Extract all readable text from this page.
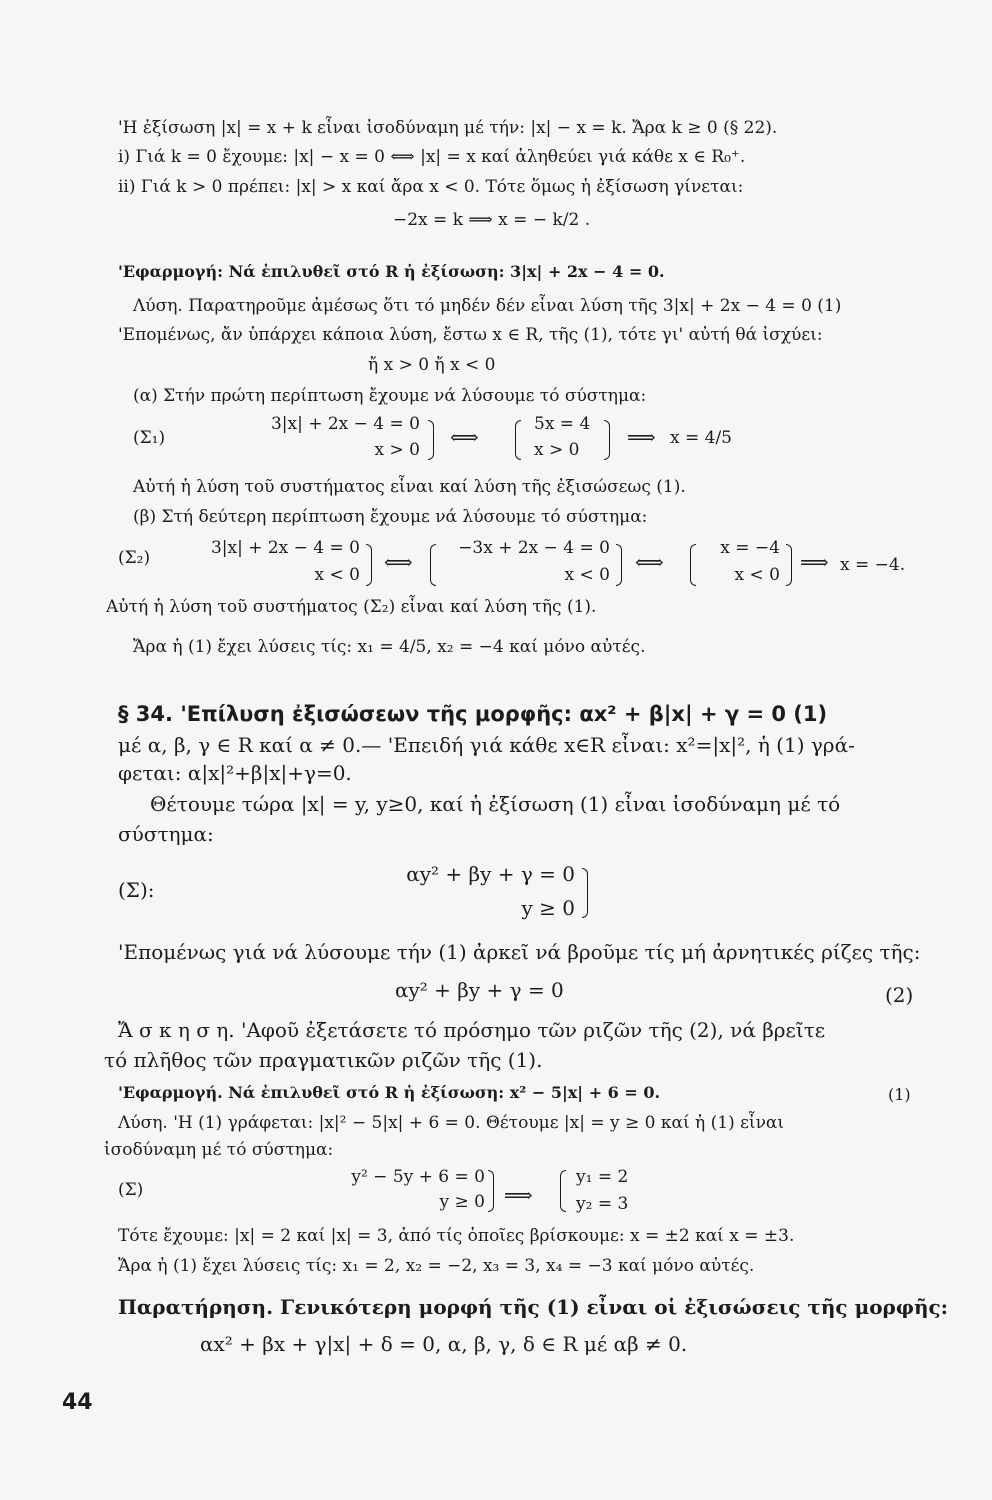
'Η ἐξίσωση |x| = x + k εἶναι ἰσοδύναμη μέ τήν: |x| − x = k. Ἄρα k ≥ 0 (§ 22).
i) Γιά k = 0 ἔχουμε: |x| − x = 0 ⟺ |x| = x καί ἀληθεύει γιά κάθε x ∈ R₀⁺.
ii) Γιά k > 0 πρέπει: |x| > x καί ἄρα x < 0. Τότε ὅμως ἡ ἐξίσωση γίνεται:
−2x = k ⟹ x = − k/2 .
'Εφαρμογή: Νά ἐπιλυθεῖ στό R ἡ ἐξίσωση: 3|x| + 2x − 4 = 0.
Λύση. Παρατηροῦμε ἀμέσως ὅτι τό μηδέν δέν εἶναι λύση τῆς 3|x| + 2x − 4 = 0 (1)
'Επομένως, ἄν ὑπάρχει κάποια λύση, ἔστω x ∈ R, τῆς (1), τότε γι' αὐτή θά ἰσχύει:
ἤ x > 0 ἤ x < 0
(α) Στήν πρώτη περίπτωση ἔχουμε νά λύσουμε τό σύστημα:
(Σ₁)
3|x| + 2x − 4 = 0
x > 0
⟺
5x = 4
x > 0
⟹ x = 4/5
Αὐτή ἡ λύση τοῦ συστήματος εἶναι καί λύση τῆς ἐξισώσεως (1).
(β) Στή δεύτερη περίπτωση ἔχουμε νά λύσουμε τό σύστημα:
(Σ₂)	3|x| + 2x − 4 = 0
x < 0
⟺
−3x + 2x − 4 = 0
x < 0
⟺
x = −4
x < 0
⟹ x = −4.
Αὐτή ἡ λύση τοῦ συστήματος (Σ₂) εἶναι καί λύση τῆς (1).
Ἄρα ἡ (1) ἔχει λύσεις τίς: x₁ = 4/5, x₂ = −4 καί μόνο αὐτές.
§ 34. 'Επίλυση ἐξισώσεων τῆς μορφῆς: αx² + β|x| + γ = 0 (1)
μέ α, β, γ ∈ R καί α ≠ 0.— 'Επειδή γιά κάθε x∈R εἶναι: x²=|x|², ἡ (1) γρά-
φεται: α|x|²+β|x|+γ=0.
Θέτουμε τώρα |x| = y, y≥0, καί ἡ ἐξίσωση (1) εἶναι ἰσοδύναμη μέ τό
σύστημα:
(Σ):
αy² + βy + γ = 0
y ≥ 0
'Επομένως γιά νά λύσουμε τήν (1) ἀρκεῖ νά βροῦμε τίς μή ἀρνητικές ρίζες τῆς:
αy² + βy + γ = 0	(2)
Ἄ σ κ η σ η. 'Αφοῦ ἐξετάσετε τό πρόσημο τῶν ριζῶν τῆς (2), νά βρεῖτε
τό πλῆθος τῶν πραγματικῶν ριζῶν τῆς (1).
'Εφαρμογή. Νά ἐπιλυθεῖ στό R ἡ ἐξίσωση: x² − 5|x| + 6 = 0.	(1)
Λύση. 'Η (1) γράφεται: |x|² − 5|x| + 6 = 0. Θέτουμε |x| = y ≥ 0 καί ἡ (1) εἶναι
ἰσοδύναμη μέ τό σύστημα:
(Σ)
y² − 5y + 6 = 0
y ≥ 0 ⟹
y₁ = 2
y₂ = 3
Τότε ἔχουμε: |x| = 2 καί |x| = 3, ἀπό τίς ὁποῖες βρίσκουμε: x = ±2 καί x = ±3.
Ἄρα ἡ (1) ἔχει λύσεις τίς: x₁ = 2, x₂ = −2, x₃ = 3, x₄ = −3 καί μόνο αὐτές.
Παρατήρηση. Γενικότερη μορφή τῆς (1) εἶναι οἱ ἐξισώσεις τῆς μορφῆς:
αx² + βx + γ|x| + δ = 0, α, β, γ, δ ∈ R μέ αβ ≠ 0.
44
